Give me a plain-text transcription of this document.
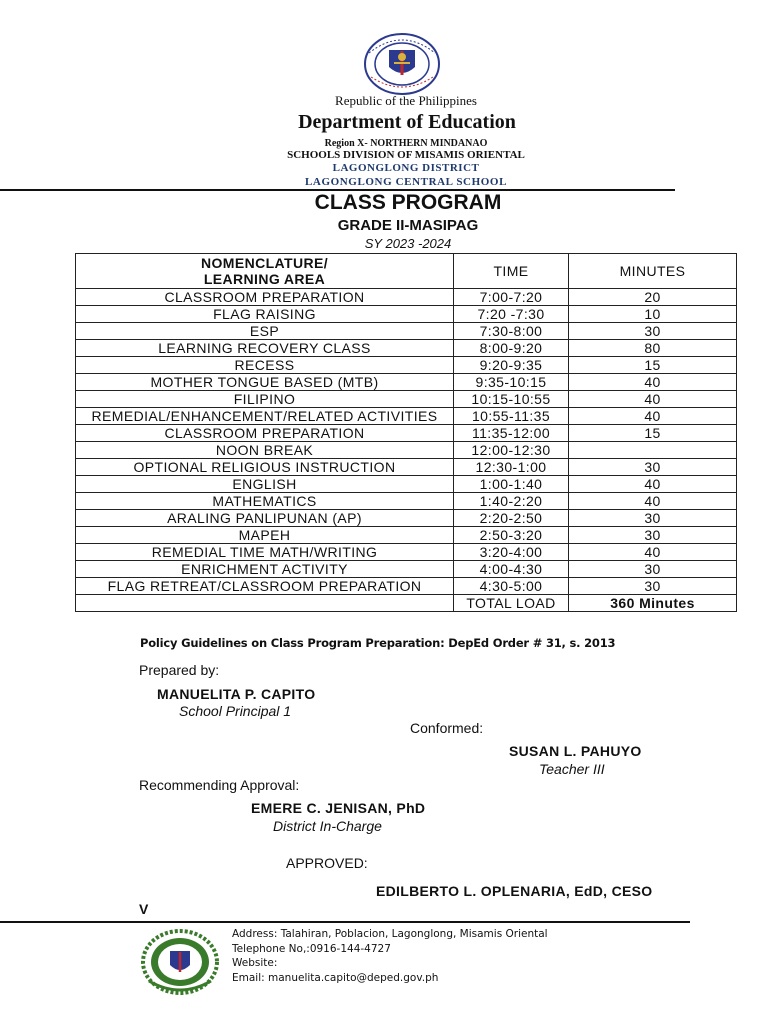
Republic of the Philippines
Department of Education
Region X- NORTHERN MINDANAO
SCHOOLS DIVISION OF MISAMIS ORIENTAL
LAGONGLONG DISTRICT
LAGONGLONG CENTRAL SCHOOL
CLASS PROGRAM
GRADE II-MASIPAG
SY 2023 -2024
NOMENCLATURE/
LEARNING AREA	TIME	MINUTES
CLASSROOM PREPARATION	7:00-7:20	20
FLAG RAISING	7:20 -7:30	10
ESP	7:30-8:00	30
LEARNING RECOVERY CLASS	8:00-9:20	80
RECESS	9:20-9:35	15
MOTHER TONGUE BASED (MTB)	9:35-10:15	40
FILIPINO	10:15-10:55	40
REMEDIAL/ENHANCEMENT/RELATED ACTIVITIES	10:55-11:35	40
CLASSROOM PREPARATION	11:35-12:00	15
NOON BREAK	12:00-12:30	
OPTIONAL RELIGIOUS INSTRUCTION	12:30-1:00	30
ENGLISH	1:00-1:40	40
MATHEMATICS	1:40-2:20	40
ARALING PANLIPUNAN (AP)	2:20-2:50	30
MAPEH	2:50-3:20	30
REMEDIAL TIME MATH/WRITING	3:20-4:00	40
ENRICHMENT ACTIVITY	4:00-4:30	30
FLAG RETREAT/CLASSROOM PREPARATION	4:30-5:00	30
	TOTAL LOAD	360 Minutes
Policy Guidelines on Class Program Preparation: DepEd Order # 31, s. 2013
Prepared by:
MANUELITA P. CAPITO
School Principal 1
Conformed:
SUSAN L. PAHUYO
Teacher III
Recommending Approval:
EMERE C. JENISAN, PhD
District In-Charge
APPROVED:
EDILBERTO L. OPLENARIA, EdD, CESO
V
Address: Talahiran, Poblacion, Lagonglong, Misamis Oriental
Telephone No,:0916-144-4727
Website:
Email: manuelita.capito@deped.gov.ph
